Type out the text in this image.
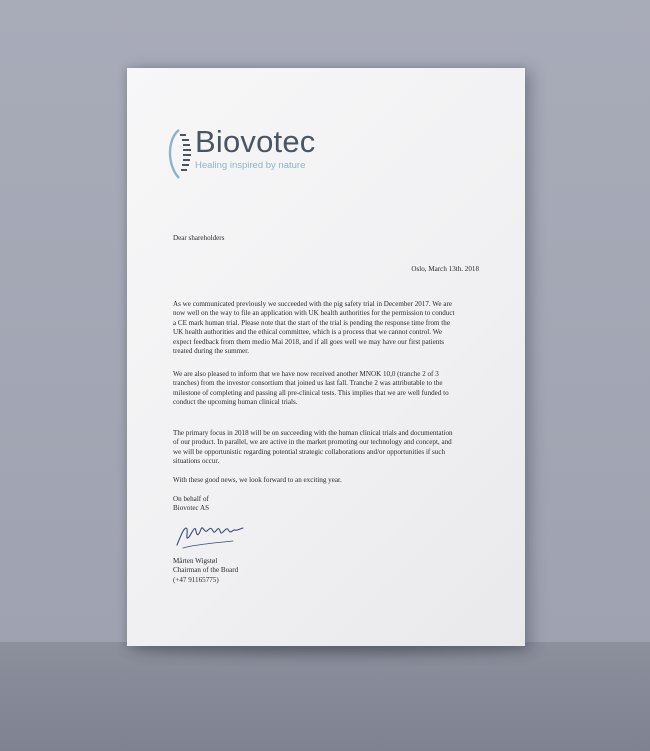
Biovotec
Healing inspired by nature
Dear shareholders
Oslo, March 13th. 2018
As we communicated previously we succeeded with the pig safety trial in December 2017. We are
now well on the way to file an application with UK health authorities for the permission to conduct
a CE mark human trial. Please note that the start of the trial is pending the response time from the
UK health authorities and the ethical committee, which is a process that we cannot control. We
expect feedback from them medio Mai 2018, and if all goes well we may have our first patients
treated during the summer.
We are also pleased to inform that we have now received another MNOK 10,0 (tranche 2 of 3
tranches) from the investor consortium that joined us last fall. Tranche 2 was attributable to the
milestone of completing and passing all pre-clinical tests. This implies that we are well funded to
conduct the upcoming human clinical trials.
The primary focus in 2018 will be on succeeding with the human clinical trials and documentation
of our product. In parallel, we are active in the market promoting our technology and concept, and
we will be opportunistic regarding potential strategic collaborations and/or opportunities if such
situations occur.
With these good news, we look forward to an exciting year.
On behalf of
Biovotec AS
Mårten Wigstøl
Chairman of the Board
(+47 91165775)
